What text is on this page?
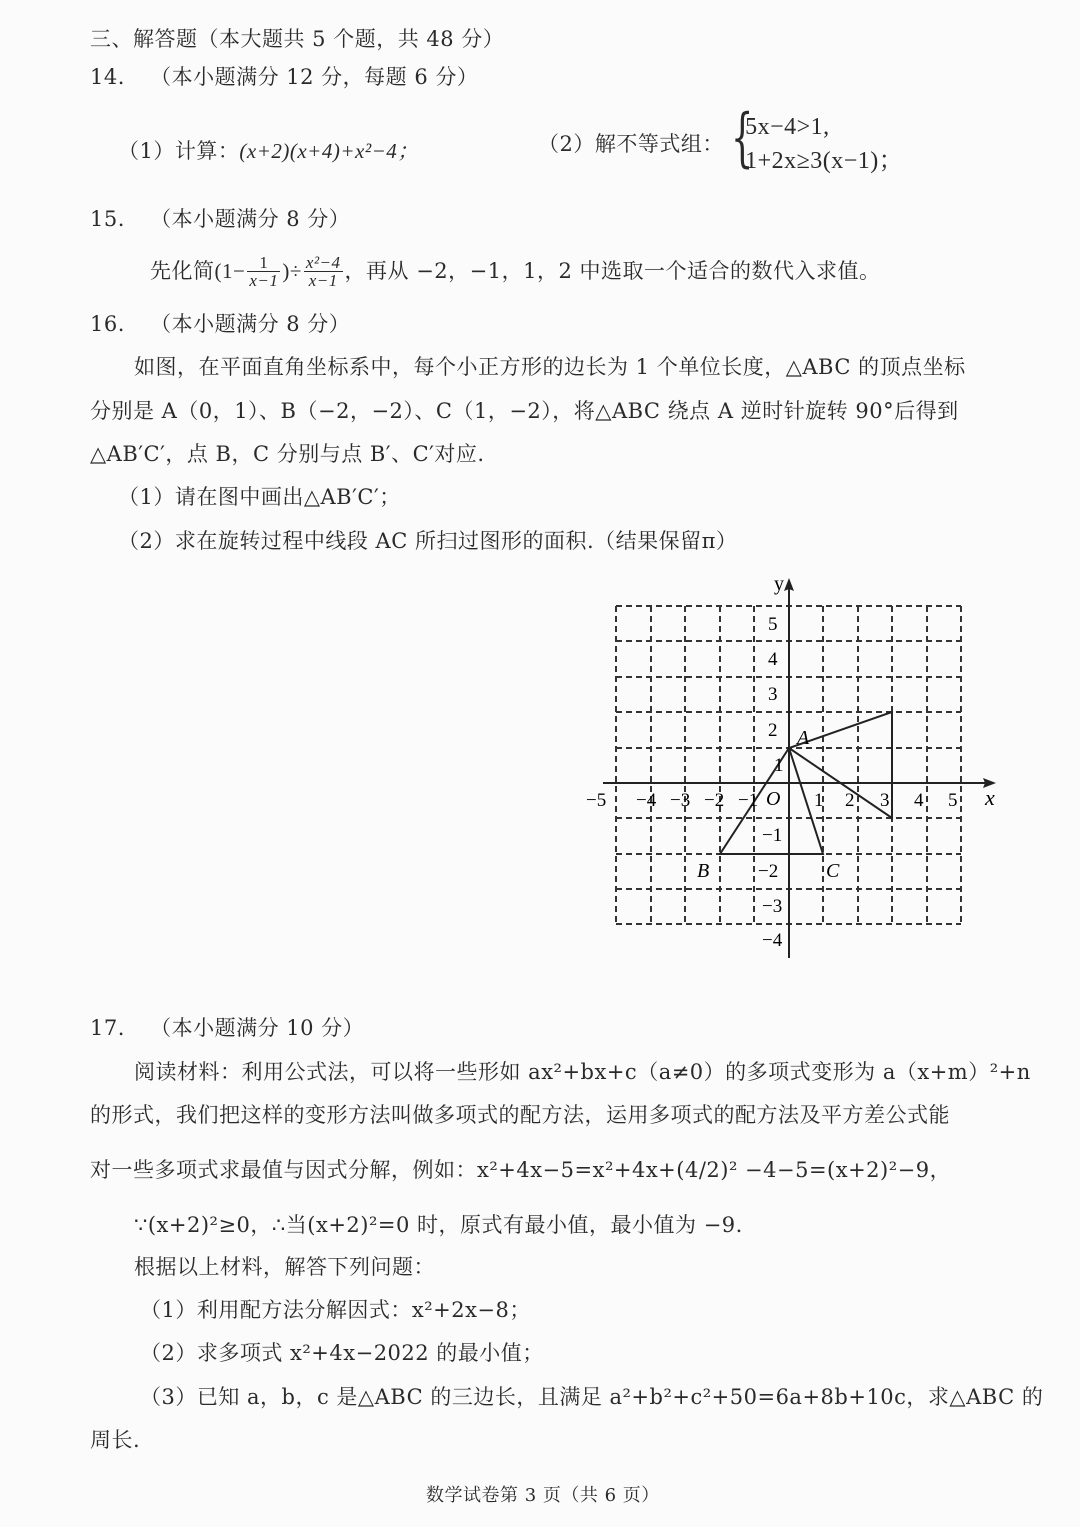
三、解答题（本大题共 5 个题，共 48 分）
14. （本小题满分 12 分，每题 6 分）
（1）计算：(x+2)(x+4)+x²−4；	（2）解不等式组： {
5x−4>1,
1+2x≥3(x−1)；
15. （本小题满分 8 分）
先化简($1- \frac{1}{x-1}$ )÷ $\frac{\text{x²−4}}{x-1}$ ，再从 −2，−1，1，2 中选取一个适合的数代入求值。
16. （本小题满分 8 分）
如图，在平面直角坐标系中，每个小正方形的边长为 1 个单位长度，△ABC 的顶点坐标
分别是 A（0，1）、B（−2，−2）、C（1，−2），将△ABC 绕点 A 逆时针旋转 90°后得到
△AB′C′，点 B，C 分别与点 B′、C′对应.
（1）请在图中画出△AB′C′；
（2）求在旋转过程中线段 AC 所扫过图形的面积.（结果保留π）
y
x
O
A
B	C
−5 −4 −3 −2 −1	1 2 3 4 5
5
4
3
2
1
−1
−2
−3
−4
17. （本小题满分 10 分）
阅读材料：利用公式法，可以将一些形如 ax²+bx+c（a≠0）的多项式变形为 a（x+m）²+n
的形式，我们把这样的变形方法叫做多项式的配方法，运用多项式的配方法及平方差公式能
对一些多项式求最值与因式分解，例如：x²+4x−5=x²+4x+(4/2)² −4−5=(x+2)²−9，
∵(x+2)²≥0，∴当(x+2)²=0 时，原式有最小值，最小值为 −9.
根据以上材料，解答下列问题：
（1）利用配方法分解因式：x²+2x−8；
（2）求多项式 x²+4x−2022 的最小值；
（3）已知 a，b，c 是△ABC 的三边长，且满足 a²+b²+c²+50=6a+8b+10c，求△ABC 的
周长.
数学试卷第 3 页（共 6 页）
